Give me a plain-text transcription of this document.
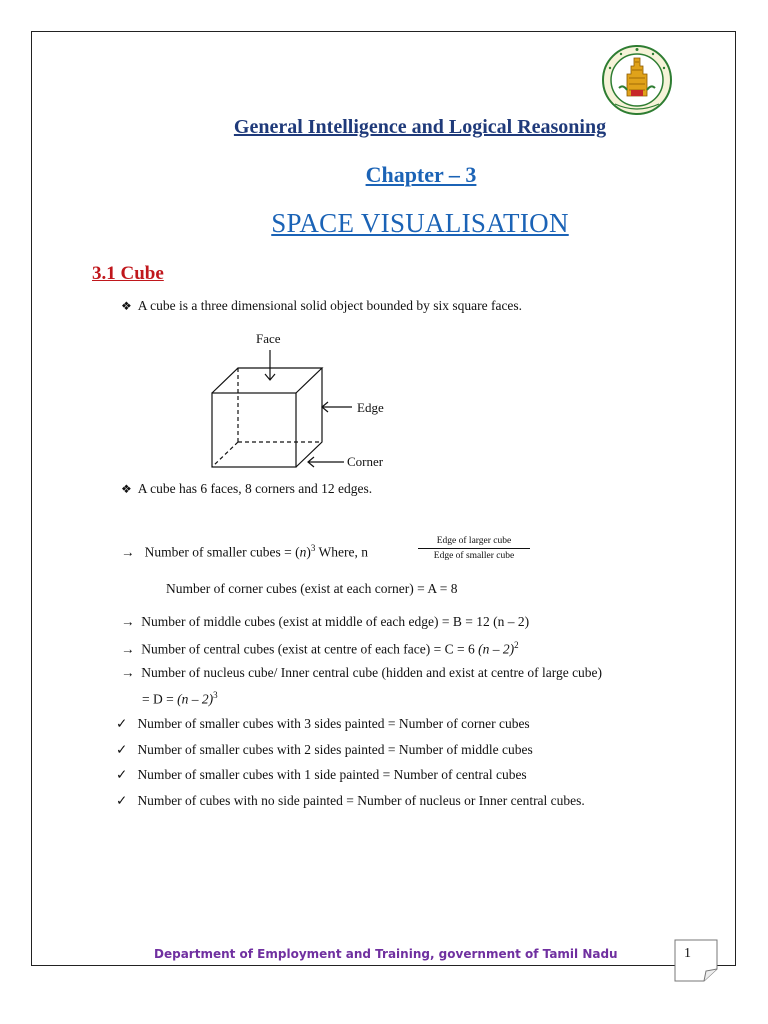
General Intelligence and Logical Reasoning
Chapter – 3
SPACE VISUALISATION
3.1 Cube
❖ A cube is a three dimensional solid object bounded by six square faces.
Face
Edge
Corner
❖ A cube has 6 faces, 8 corners and 12 edges.
→ Number of smaller cubes = $(n)^3$ Where, n
Edge of larger cube
Edge of smaller cube
Number of corner cubes (exist at each corner) = A = 8
→ Number of middle cubes (exist at middle of each edge) = B = 12 (n – 2)
→ Number of central cubes (exist at centre of each face) = C = 6 (n – 2)$^2$
→ Number of nucleus cube/ Inner central cube (hidden and exist at centre of large cube)
= D = (n – 2)$^3$
✓ Number of smaller cubes with 3 sides painted = Number of corner cubes
✓ Number of smaller cubes with 2 sides painted = Number of middle cubes
✓ Number of smaller cubes with 1 side painted = Number of central cubes
✓ Number of cubes with no side painted = Number of nucleus or Inner central cubes.
Department of Employment and Training, government of Tamil Nadu	1
